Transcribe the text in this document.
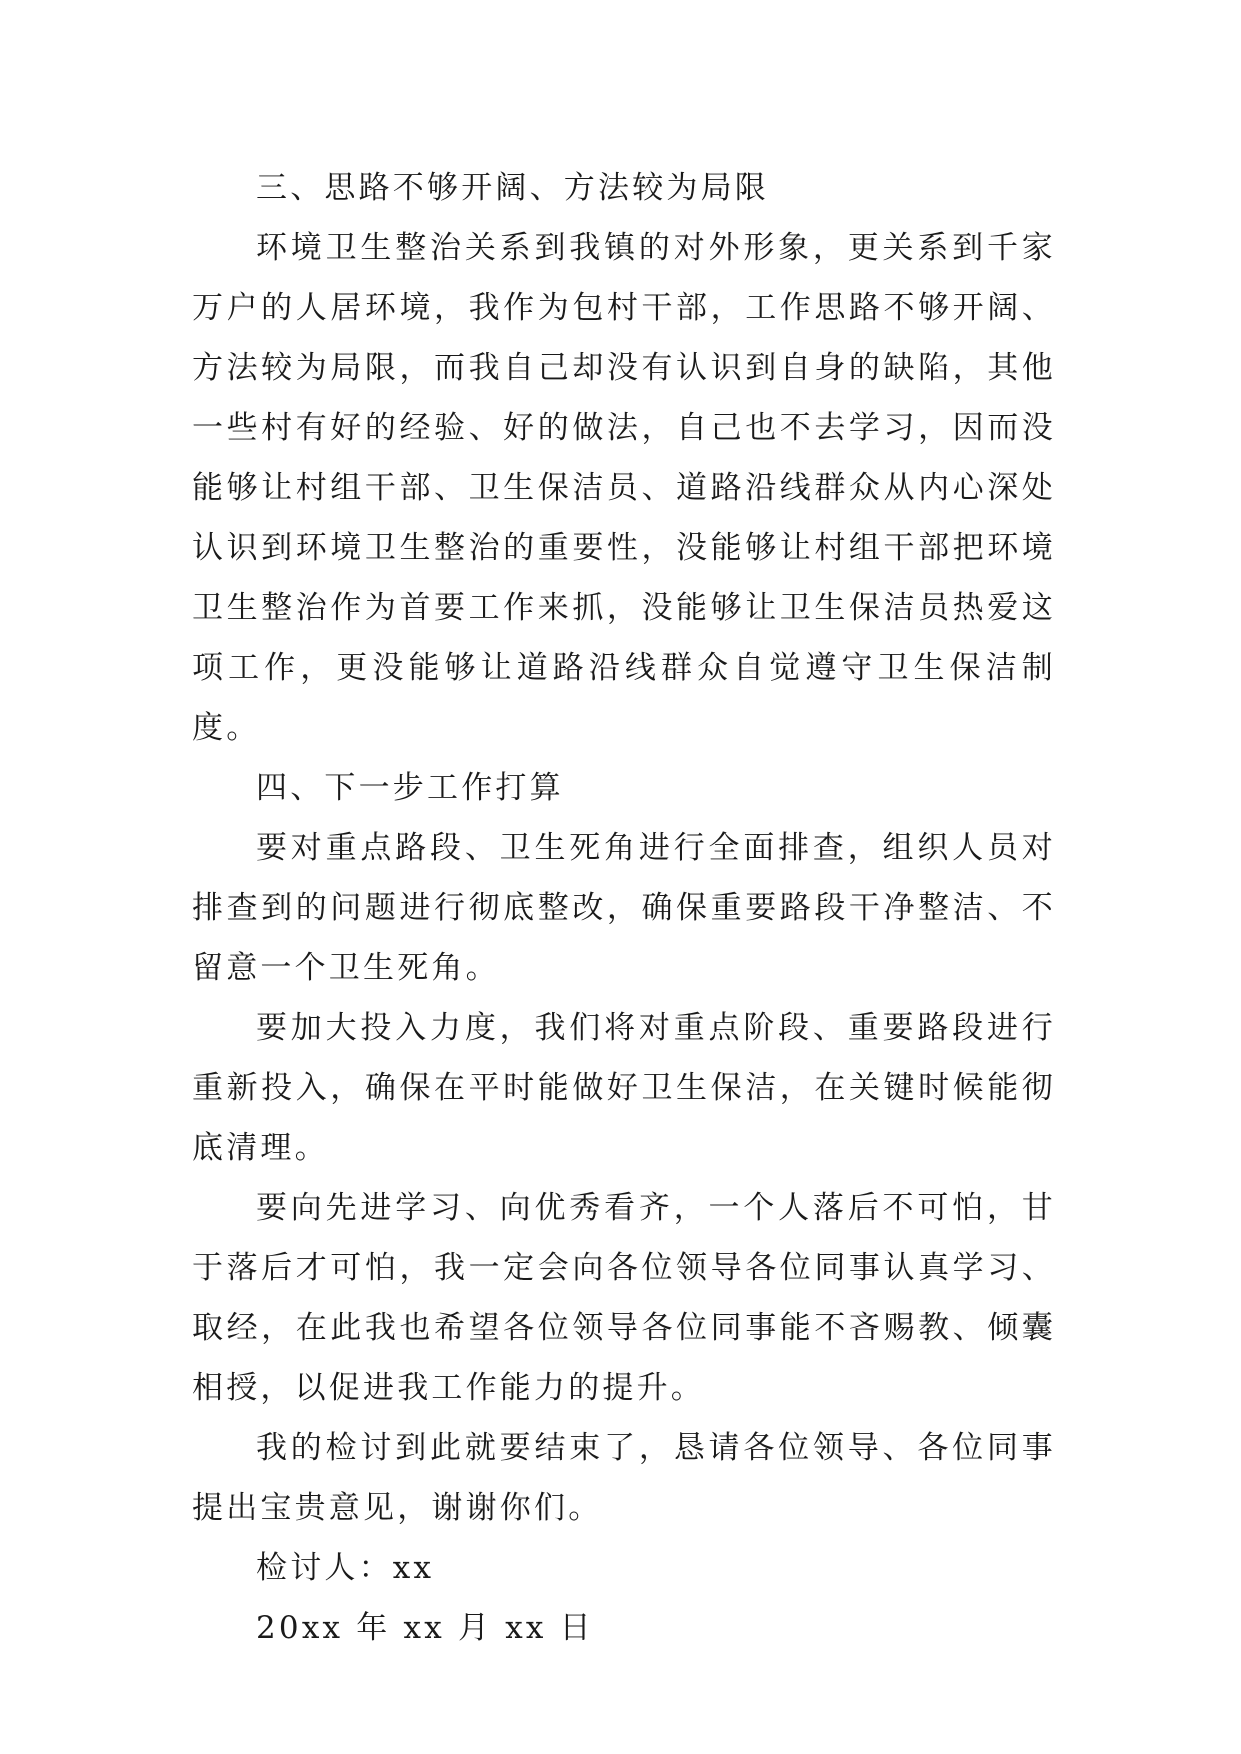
三、思路不够开阔、方法较为局限

环境卫生整治关系到我镇的对外形象，更关系到千家万户的人居环境，我作为包村干部，工作思路不够开阔、方法较为局限，而我自己却没有认识到自身的缺陷，其他一些村有好的经验、好的做法，自己也不去学习，因而没能够让村组干部、卫生保洁员、道路沿线群众从内心深处认识到环境卫生整治的重要性，没能够让村组干部把环境卫生整治作为首要工作来抓，没能够让卫生保洁员热爱这项工作，更没能够让道路沿线群众自觉遵守卫生保洁制度。

四、下一步工作打算

要对重点路段、卫生死角进行全面排查，组织人员对排查到的问题进行彻底整改，确保重要路段干净整洁、不留意一个卫生死角。

要加大投入力度，我们将对重点阶段、重要路段进行重新投入，确保在平时能做好卫生保洁，在关键时候能彻底清理。

要向先进学习、向优秀看齐，一个人落后不可怕，甘于落后才可怕，我一定会向各位领导各位同事认真学习、取经，在此我也希望各位领导各位同事能不吝赐教、倾囊相授，以促进我工作能力的提升。

我的检讨到此就要结束了，恳请各位领导、各位同事提出宝贵意见，谢谢你们。

检讨人：xx

20xx 年 xx 月 xx 日
